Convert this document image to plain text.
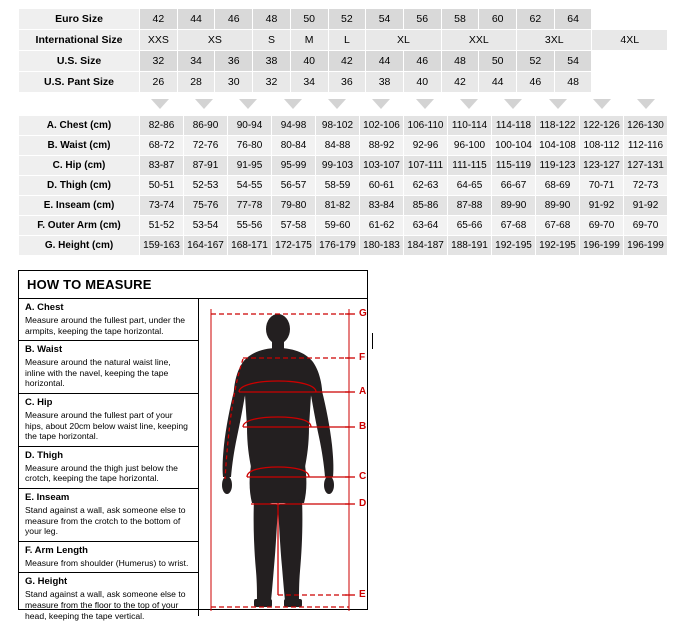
Euro Size	42	44	46	48	50	52	54	56	58	60	62	64	
International Size	XXS	XS		S	M	L	XL		XXL		3XL		4XL
U.S. Size	32	34	36	38	40	42	44	46	48	50	52	54	
U.S. Pant Size	26	28	30	32	34	36	38	40	42	44	46	48	
A. Chest (cm)	82-86	86-90	90-94	94-98	98-102	102-106	106-110	110-114	114-118	118-122	122-126	126-130
B. Waist (cm)	68-72	72-76	76-80	80-84	84-88	88-92	92-96	96-100	100-104	104-108	108-112	112-116
C. Hip (cm)	83-87	87-91	91-95	95-99	99-103	103-107	107-111	111-115	115-119	119-123	123-127	127-131
D. Thigh (cm)	50-51	52-53	54-55	56-57	58-59	60-61	62-63	64-65	66-67	68-69	70-71	72-73
E. Inseam (cm)	73-74	75-76	77-78	79-80	81-82	83-84	85-86	87-88	89-90	89-90	91-92	91-92
F. Outer Arm (cm)	51-52	53-54	55-56	57-58	59-60	61-62	63-64	65-66	67-68	67-68	69-70	69-70
G. Height (cm)	159-163	164-167	168-171	172-175	176-179	180-183	184-187	188-191	192-195	192-195	196-199	196-199
HOW TO MEASURE
A. Chest
Measure around the fullest part, under the armpits, keeping the tape horizontal.
B. Waist
Measure around the natural waist line, inline with the navel, keeping the tape horizontal.
C. Hip
Measure around the fullest part of your hips, about 20cm below waist line, keeping the tape horizontal.
D. Thigh
Measure around the thigh just below the crotch, keeping the tape horizontal.
E. Inseam
Stand against a wall, ask someone else to measure from the crotch to the bottom of your leg.
F. Arm Length
Measure from shoulder (Humerus) to wrist.
G. Height
Stand against a wall, ask someone else to measure from the floor to the top of your head, keeping the tape vertical.
G
F
A
B
C
D
E
